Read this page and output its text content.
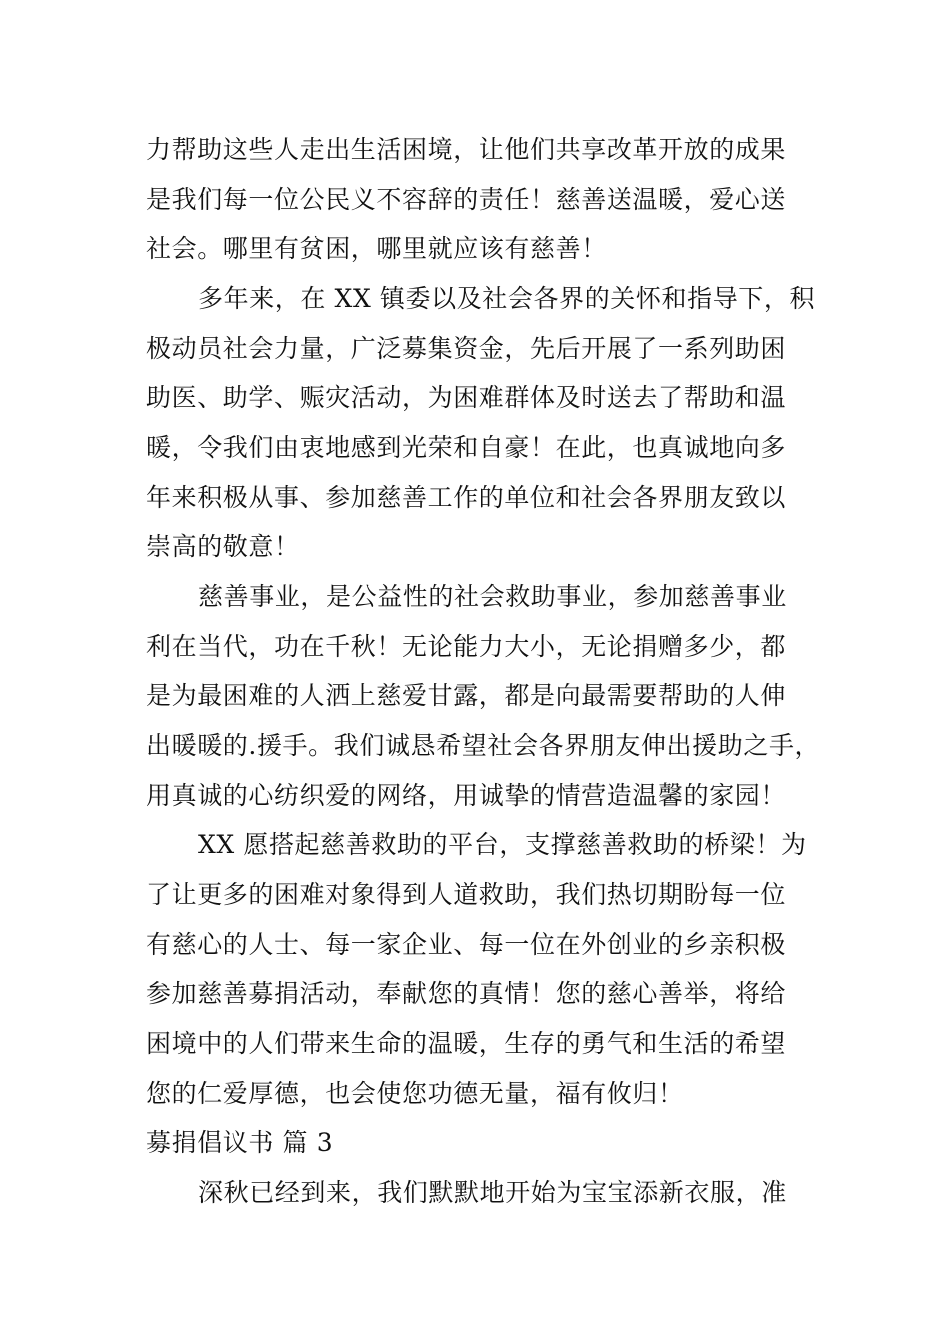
力帮助这些人走出生活困境，让他们共享改革开放的成果
是我们每一位公民义不容辞的责任！慈善送温暖，爱心送
社会。哪里有贫困，哪里就应该有慈善！
多年来，在 XX 镇委以及社会各界的关怀和指导下，积
极动员社会力量，广泛募集资金，先后开展了一系列助困
助医、助学、赈灾活动，为困难群体及时送去了帮助和温
暖，令我们由衷地感到光荣和自豪！在此，也真诚地向多
年来积极从事、参加慈善工作的单位和社会各界朋友致以
崇高的敬意！
慈善事业，是公益性的社会救助事业，参加慈善事业
利在当代，功在千秋！无论能力大小，无论捐赠多少，都
是为最困难的人洒上慈爱甘露，都是向最需要帮助的人伸
出暖暖的.援手。我们诚恳希望社会各界朋友伸出援助之手，
用真诚的心纺织爱的网络，用诚挚的情营造温馨的家园！
XX 愿搭起慈善救助的平台，支撑慈善救助的桥梁！为
了让更多的困难对象得到人道救助，我们热切期盼每一位
有慈心的人士、每一家企业、每一位在外创业的乡亲积极
参加慈善募捐活动，奉献您的真情！您的慈心善举，将给
困境中的人们带来生命的温暖，生存的勇气和生活的希望
您的仁爱厚德，也会使您功德无量，福有攸归！
募捐倡议书 篇 3
深秋已经到来，我们默默地开始为宝宝添新衣服，准
